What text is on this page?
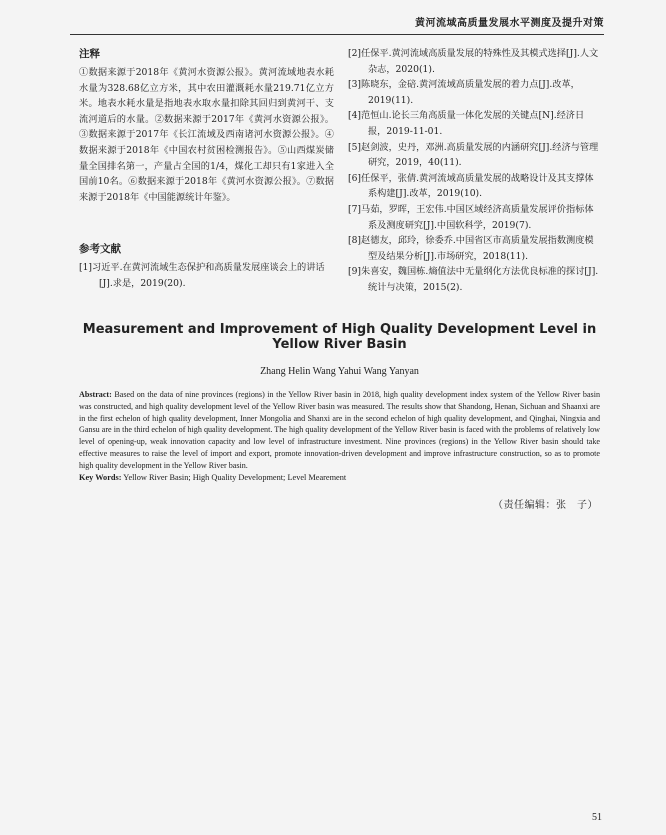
黄河流域高质量发展水平测度及提升对策
注释

①数据来源于2018年《黄河水资源公报》。黄河流域地表水耗水量为328.68亿立方米，其中农田灌溉耗水量219.71亿立方米。地表水耗水量是指地表水取水量扣除其回归到黄河干、支流河道后的水量。②数据来源于2017年《黄河水资源公报》。③数据来源于2017年《长江流域及西南诸河水资源公报》。④数据来源于2018年《中国农村贫困检测报告》。⑤山西煤炭储量全国排名第一，产量占全国的1/4，煤化工却只有1家进入全国前10名。⑥数据来源于2018年《黄河水资源公报》。⑦数据来源于2018年《中国能源统计年鉴》。

参考文献

[1]习近平.在黄河流域生态保护和高质量发展座谈会上的讲话[J].求是，2019(20).

[2]任保平.黄河流域高质量发展的特殊性及其模式选择[J].人文杂志，2020(1).

[3]陈晓东，金碚.黄河流域高质量发展的着力点[J].改革，2019(11).

[4]范恒山.论长三角高质量一体化发展的关键点[N].经济日报，2019-11-01.

[5]赵剑波，史丹，邓洲.高质量发展的内涵研究[J].经济与管理研究，2019，40(11).

[6]任保平，张倩.黄河流域高质量发展的战略设计及其支撑体系构建[J].改革，2019(10).

[7]马茹，罗晖，王宏伟.中国区域经济高质量发展评价指标体系及测度研究[J].中国软科学，2019(7).

[8]赵德友，邱玲，徐委乔.中国省区市高质量发展指数测度模型及结果分析[J].市场研究，2018(11).

[9]朱喜安，魏国栋.熵值法中无量纲化方法优良标准的探讨[J].统计与决策，2015(2).

Measurement and Improvement of High Quality Development Level in Yellow River Basin
Zhang Helin Wang Yahui Wang Yanyan
Abstract: Based on the data of nine provinces (regions) in the Yellow River basin in 2018, high quality development index system of the Yellow River basin was constructed, and high quality development level of the Yellow River basin was measured. The results show that Shandong, Henan, Sichuan and Shaanxi are in the first echelon of high quality development, Inner Mongolia and Shanxi are in the second echelon of high quality development, and Qinghai, Ningxia and Gansu are in the third echelon of high quality development. The high quality development of the Yellow River basin is faced with the problems of relatively low level of opening-up, weak innovation capacity and low level of infrastructure investment. Nine provinces (regions) in the Yellow River basin should take effective measures to raise the level of import and export, promote innovation-driven development and improve infrastructure construction, so as to promote high quality development in the Yellow River basin.
Key Words: Yellow River Basin; High Quality Development; Level Mearement
（责任编辑：张　子）
51
